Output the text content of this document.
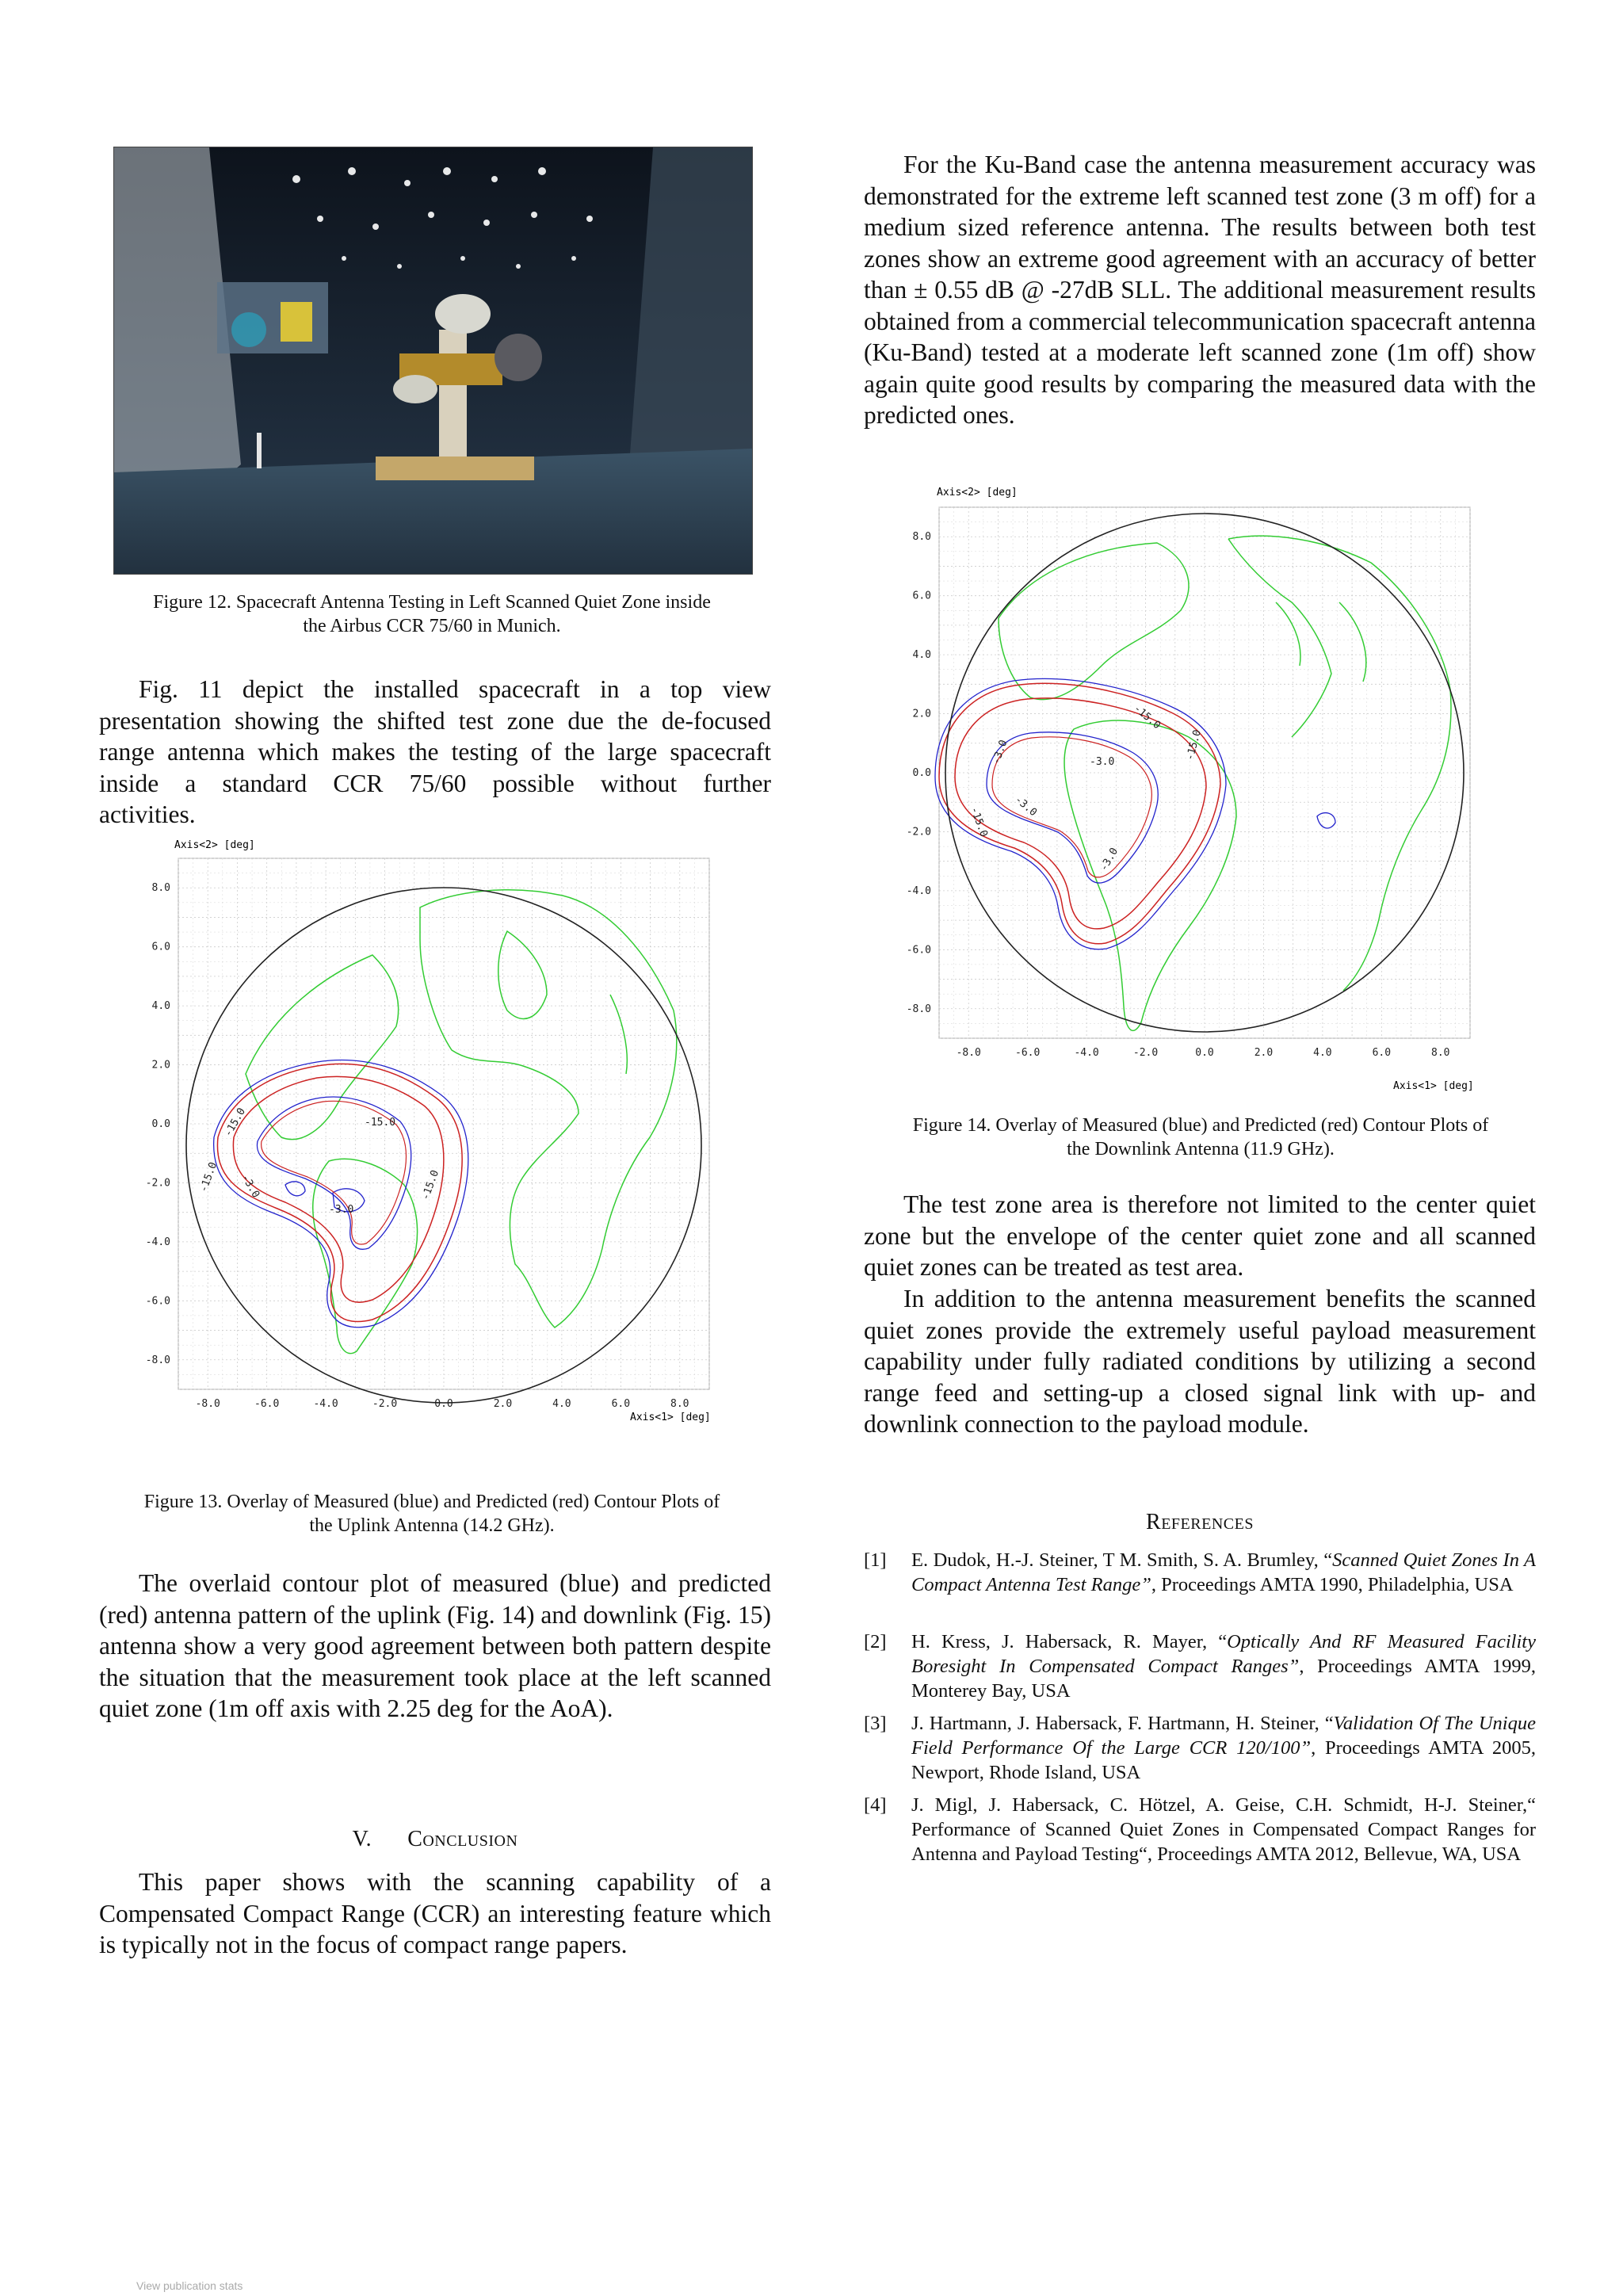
Figure 12. Spacecraft Antenna Testing in Left Scanned Quiet Zone inside
the Airbus CCR 75/60 in Munich.
Fig. 11 depict the installed spacecraft in a top view
presentation showing the shifted test zone due the de-focused
range antenna which makes the testing of the large spacecraft
inside a standard CCR 75/60 possible without further
activities.
Axis<2> [deg]
-15.0	-15.0
-15.0
-3.0
-3.0	-15.0
-8.0	-6.0	-4.0	-2.0	0.0	2.0	4.0	6.0	8.0
8.0
6.0
4.0
2.0
0.0
-2.0
-4.0
-6.0
-8.0
Axis<1> [deg]
Figure 13. Overlay of Measured (blue) and Predicted (red) Contour Plots of
the Uplink Antenna (14.2 GHz).

The overlaid contour plot of measured (blue) and predicted (red) antenna pattern of the uplink (Fig. 14) and downlink (Fig. 15) antenna show a very good agreement between both pattern despite the situation that the measurement took place at the left scanned quiet zone (1m off axis with 2.25 deg for the AoA).

V. Conclusion

This paper shows with the scanning capability of a Compensated Compact Range (CCR) an interesting feature which is typically not in the focus of compact range papers.

For the Ku-Band case the antenna measurement accuracy was demonstrated for the extreme left scanned test zone (3 m off) for a medium sized reference antenna. The results between both test zones show an extreme good agreement with an accuracy of better than ± 0.55 dB @ -27dB SLL. The additional measurement results obtained from a commercial telecommunication spacecraft antenna (Ku-Band) tested at a moderate left scanned zone (1m off) show again quite good results by comparing the measured data with the predicted ones.

Axis<2> [deg]
-15.0
-3.0
-3.0
-3.0
-15.0
-15.0
-3.0
-8.0	-6.0	-4.0	-2.0	0.0	2.0	4.0	6.0	8.0
8.0
6.0
4.0
2.0
0.0
-2.0
-4.0
-6.0
-8.0
Axis<1> [deg]
Figure 14. Overlay of Measured (blue) and Predicted (red) Contour Plots of
the Downlink Antenna (11.9 GHz).

The test zone area is therefore not limited to the center quiet zone but the envelope of the center quiet zone and all scanned quiet zones can be treated as test area.

In addition to the antenna measurement benefits the scanned quiet zones provide the extremely useful payload measurement capability under fully radiated conditions by utilizing a second range feed and setting-up a closed signal link with up- and downlink connection to the payload module.

References
[1] E. Dudok, H.-J. Steiner, T M. Smith, S. A. Brumley, “Scanned Quiet Zones In A Compact Antenna Test Range”, Proceedings AMTA 1990, Philadelphia, USA
[2] H. Kress, J. Habersack, R. Mayer, “Optically And RF Measured Facility Boresight In Compensated Compact Ranges”, Proceedings AMTA 1999, Monterey Bay, USA
[3] J. Hartmann, J. Habersack, F. Hartmann, H. Steiner, “Validation Of The Unique Field Performance Of the Large CCR 120/100”, Proceedings AMTA 2005, Newport, Rhode Island, USA
[4] J. Migl, J. Habersack, C. Hötzel, A. Geise, C.H. Schmidt, H-J. Steiner,“ Performance of Scanned Quiet Zones in Compensated Compact Ranges for Antenna and Payload Testing“, Proceedings AMTA 2012, Bellevue, WA, USA
View publication stats
